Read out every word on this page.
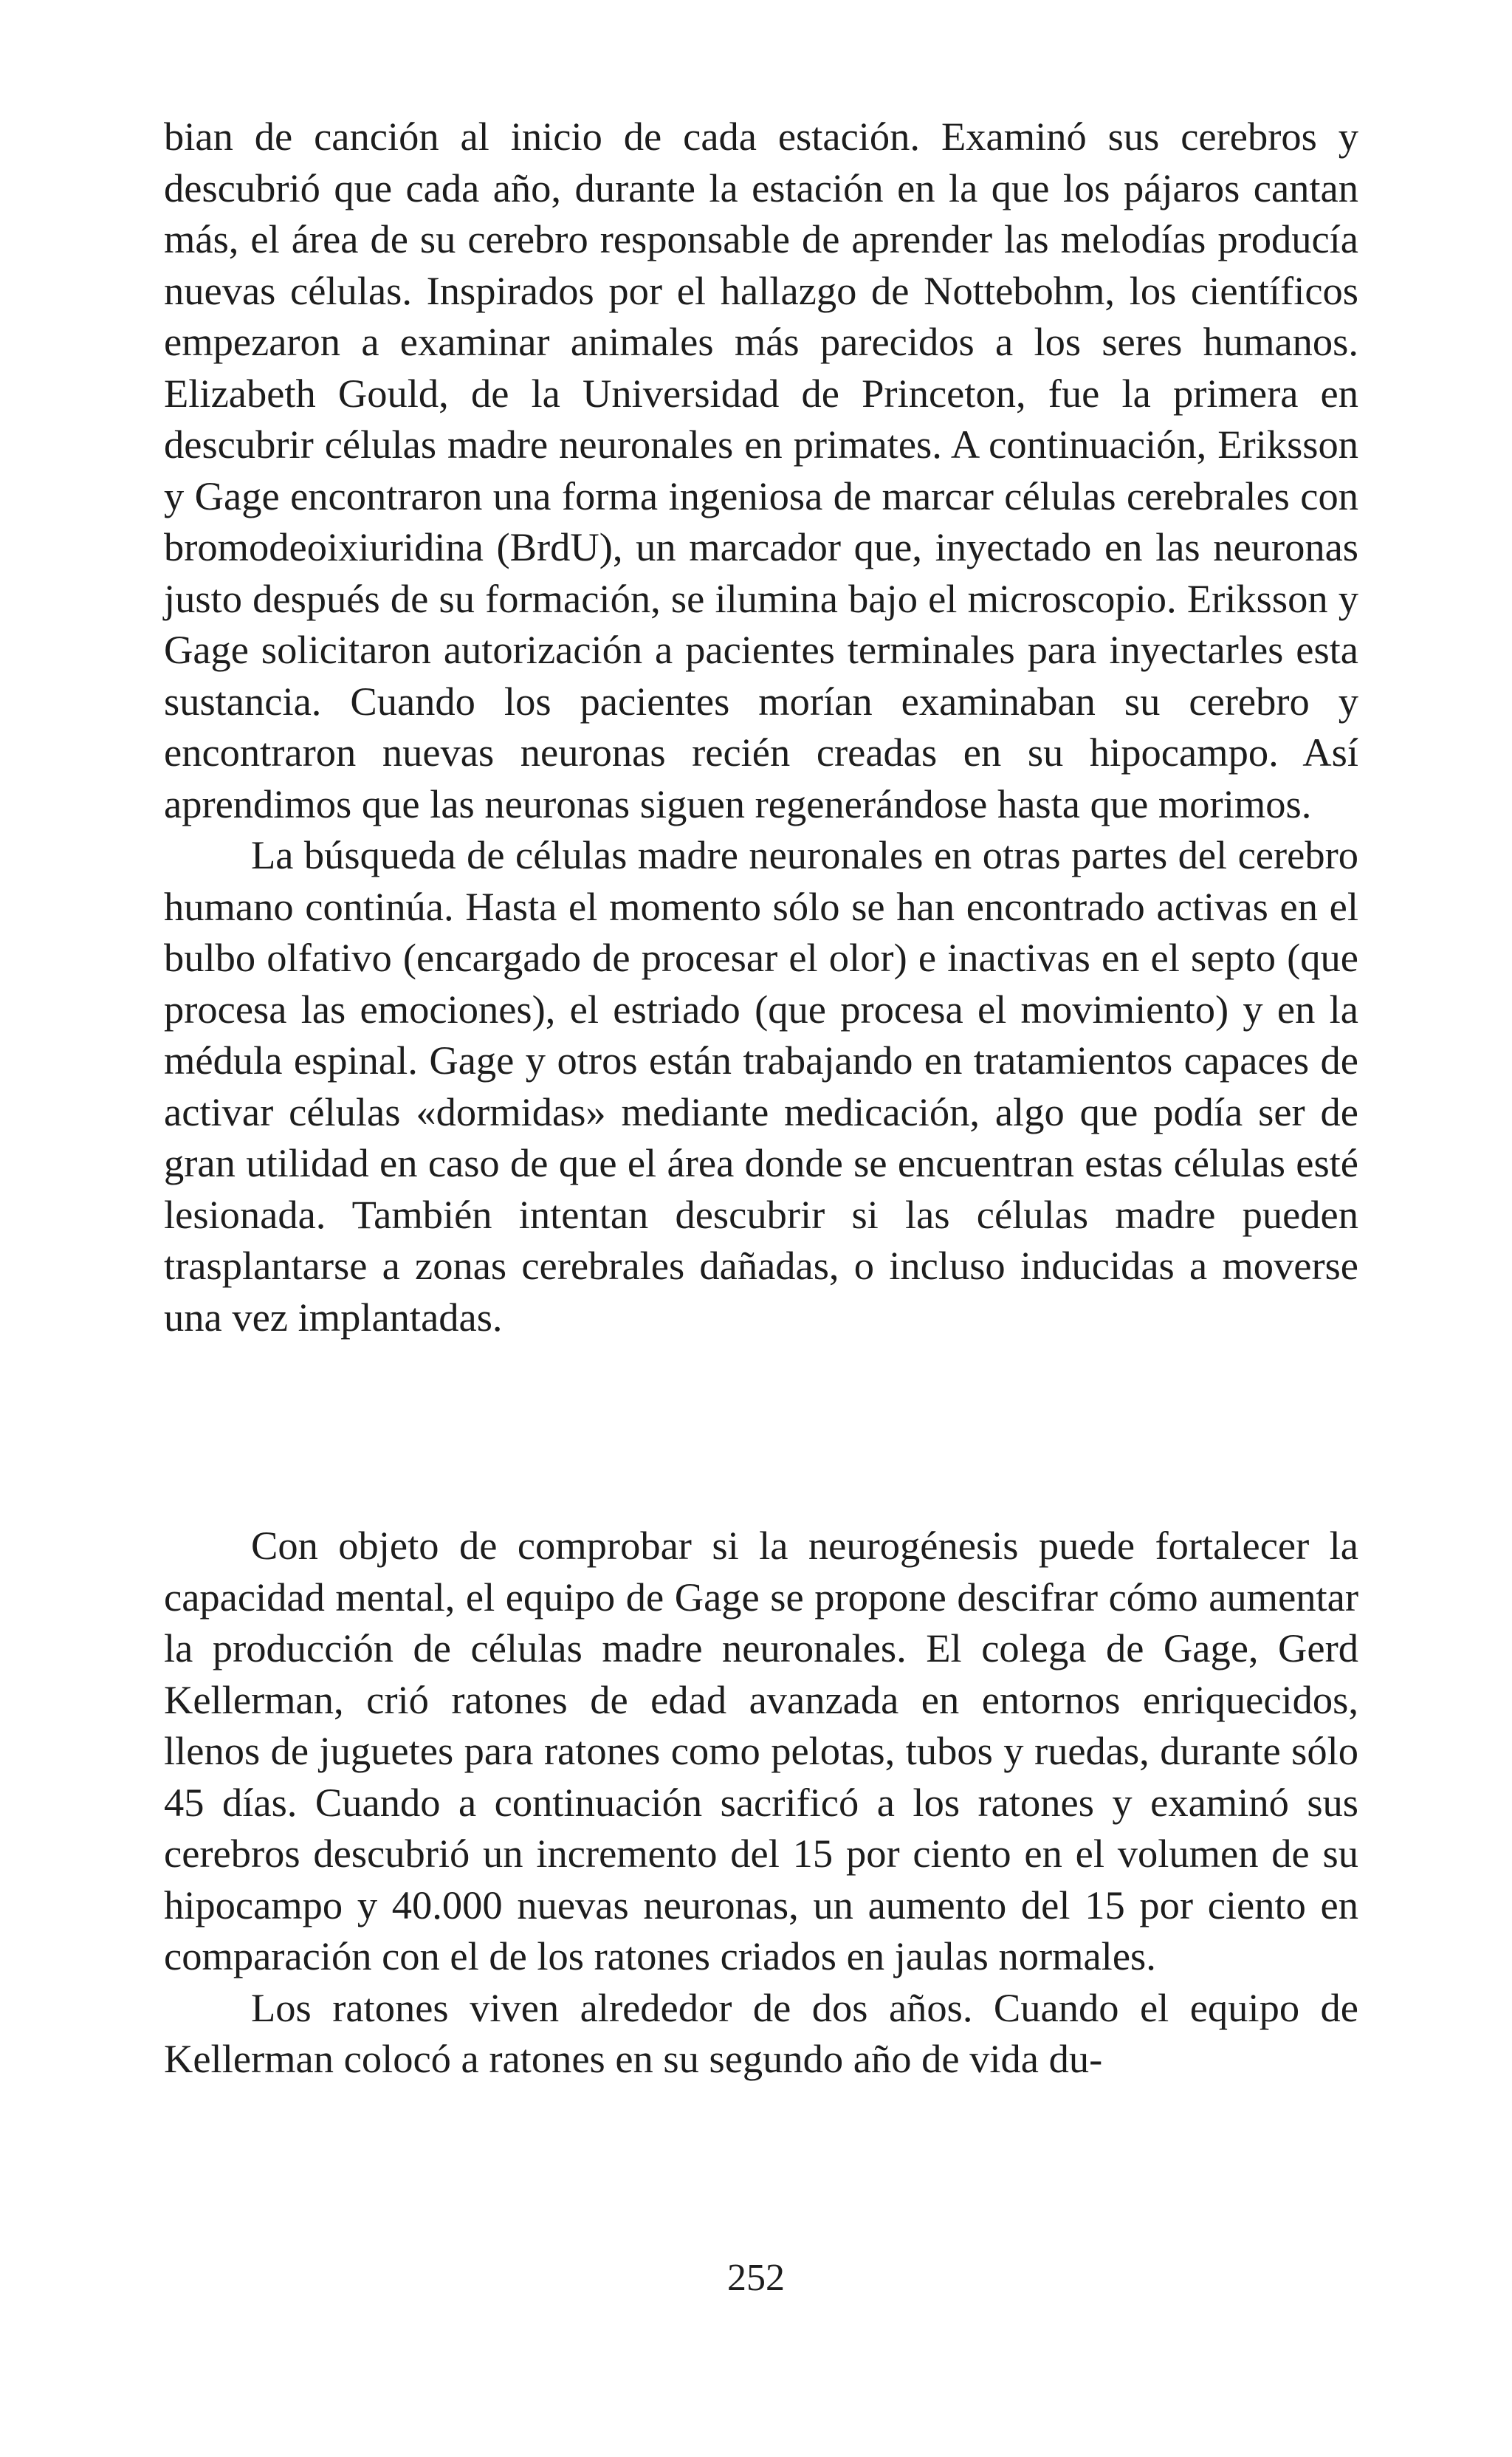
bian de canción al inicio de cada estación. Examinó sus cerebros y descubrió que cada año, durante la estación en la que los pájaros cantan más, el área de su cerebro responsable de aprender las melodías producía nuevas células. Inspirados por el hallazgo de Nottebohm, los científicos empezaron a examinar animales más parecidos a los seres humanos. Elizabeth Gould, de la Universidad de Princeton, fue la primera en descubrir células madre neuronales en primates. A continuación, Eriksson y Gage encontraron una forma ingeniosa de marcar células cerebrales con bromodeoixiuridina (BrdU), un marcador que, inyectado en las neuronas justo después de su formación, se ilumina bajo el microscopio. Eriksson y Gage solicitaron autorización a pacientes terminales para inyectarles esta sustancia. Cuando los pacientes morían examinaban su cerebro y encontraron nuevas neuronas recién creadas en su hipocampo. Así aprendimos que las neuronas siguen regenerándose hasta que morimos.

La búsqueda de células madre neuronales en otras partes del cerebro humano continúa. Hasta el momento sólo se han encontrado activas en el bulbo olfativo (encargado de procesar el olor) e inactivas en el septo (que procesa las emociones), el estriado (que procesa el movimiento) y en la médula espinal. Gage y otros están trabajando en tratamientos capaces de activar células «dormidas» mediante medicación, algo que podía ser de gran utilidad en caso de que el área donde se encuentran estas células esté lesionada. También intentan descubrir si las células madre pueden trasplantarse a zonas cerebrales dañadas, o incluso inducidas a moverse una vez implantadas.

Con objeto de comprobar si la neurogénesis puede fortalecer la capacidad mental, el equipo de Gage se propone descifrar cómo aumentar la producción de células madre neuronales. El colega de Gage, Gerd Kellerman, crió ratones de edad avanzada en entornos enriquecidos, llenos de juguetes para ratones como pelotas, tubos y ruedas, durante sólo 45 días. Cuando a continuación sacrificó a los ratones y examinó sus cerebros descubrió un incremento del 15 por ciento en el volumen de su hipocampo y 40.000 nuevas neuronas, un aumento del 15 por ciento en comparación con el de los ratones criados en jaulas normales.

Los ratones viven alrededor de dos años. Cuando el equipo de Kellerman colocó a ratones en su segundo año de vida du-

252
